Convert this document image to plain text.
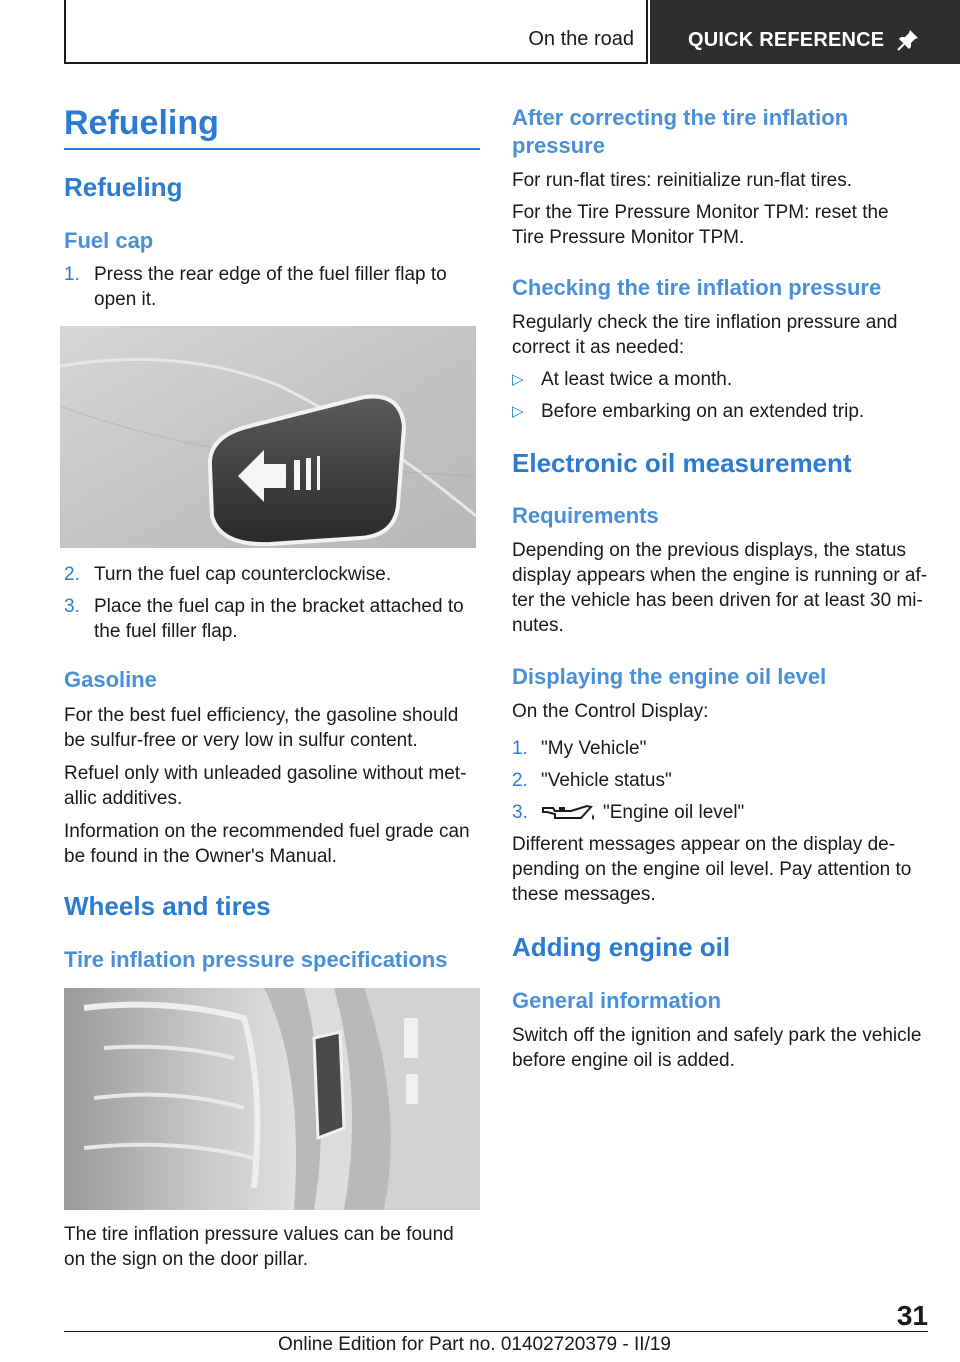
On the road	QUICK REFERENCE
Refueling
Refueling
Fuel cap
1. Press the rear edge of the fuel filler flap to
open it.

2. Turn the fuel cap counterclockwise.

3. Place the fuel cap in the bracket attached to
the fuel filler flap.

Gasoline

For the best fuel efficiency, the gasoline should
be sulfur-free or very low in sulfur content.

Refuel only with unleaded gasoline without met-
allic additives.

Information on the recommended fuel grade can
be found in the Owner's Manual.

Wheels and tires
Tire inflation pressure specifications

The tire inflation pressure values can be found
on the sign on the door pillar.

After correcting the tire inflation
pressure

For run-flat tires: reinitialize run-flat tires.

For the Tire Pressure Monitor TPM: reset the
Tire Pressure Monitor TPM.

Checking the tire inflation pressure

Regularly check the tire inflation pressure and
correct it as needed:

▷ At least twice a month.

▷ Before embarking on an extended trip.

Electronic oil measurement
Requirements

Depending on the previous displays, the status
display appears when the engine is running or af-
ter the vehicle has been driven for at least 30 mi-
nutes.

Displaying the engine oil level

On the Control Display:

1. "My Vehicle"

2. "Vehicle status"

3.	"Engine oil level"

Different messages appear on the display de-
pending on the engine oil level. Pay attention to
these messages.

Adding engine oil
General information

Switch off the ignition and safely park the vehicle
before engine oil is added.

31
Online Edition for Part no. 01402720379 - II/19
